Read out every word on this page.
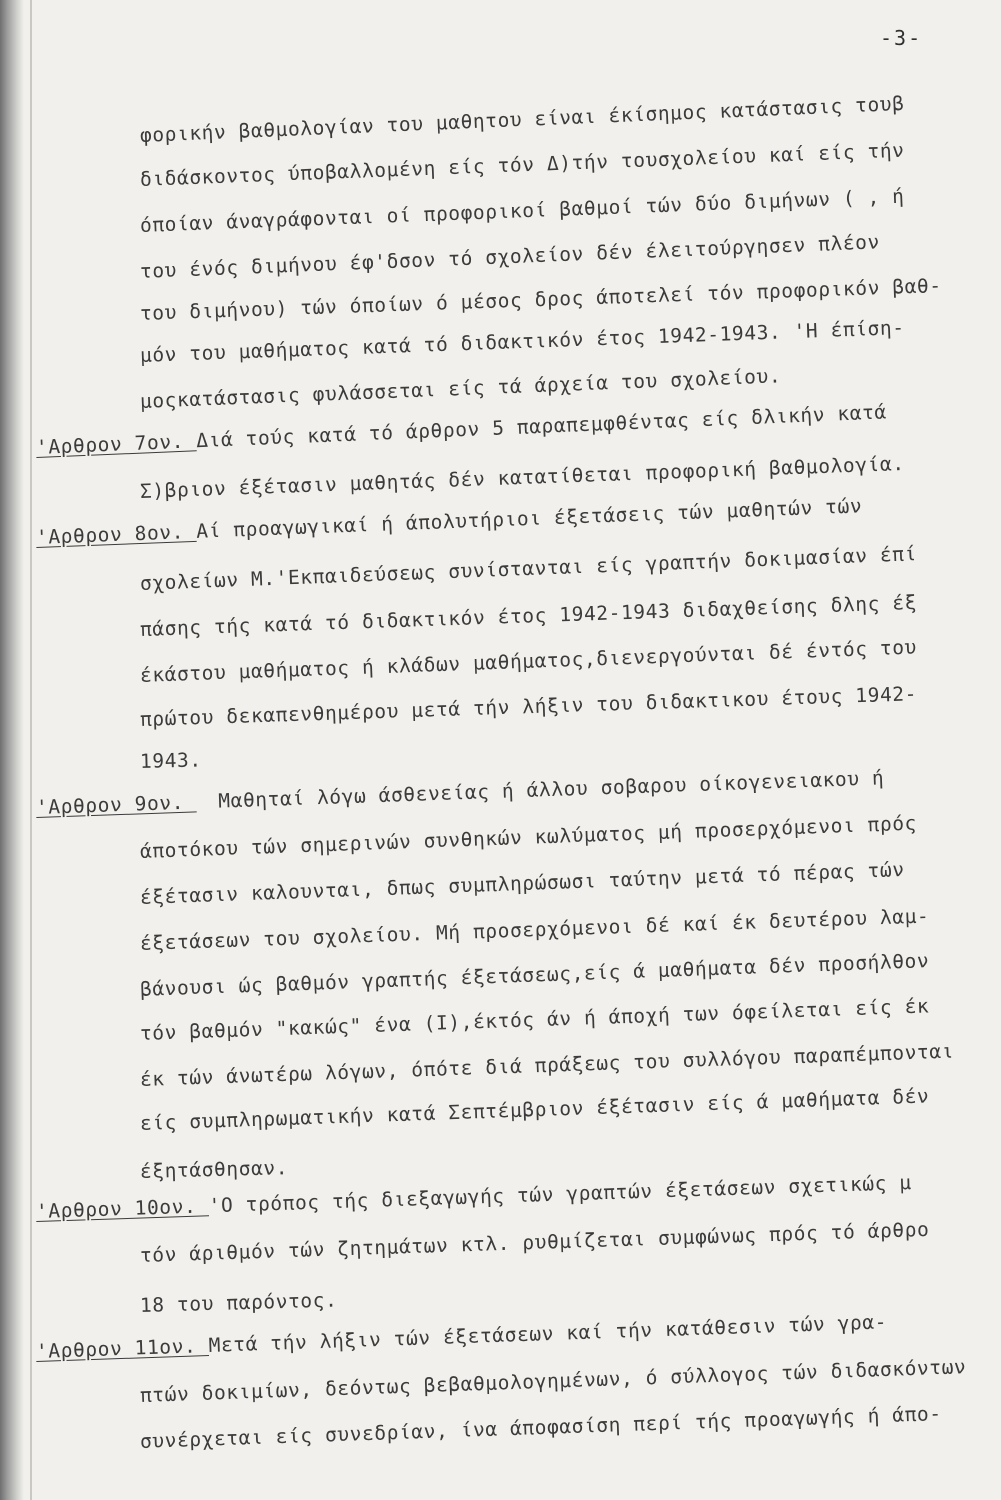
-3-
φορικήν βαθμολογίαν του μαθητου είναι έκίσημος κατάστασις τουβ
διδάσκοντος ύποβαλλομένη είς τόν Δ)τήν τουσχολείου καί είς τήν
όποίαν άναγράφονται οί προφορικοί βαθμοί τών δύο διμήνων ( , ή
του ένός διμήνου έφ'δσον τό σχολείον δέν έλειτούργησεν πλέον
του διμήνου) τών όποίων ό μέσος δρος άποτελεί τόν προφορικόν βαθ-
μόν του μαθήματος κατά τό διδακτικόν έτος 1942-1943. 'Η έπίση-
μοςκατάστασις φυλάσσεται είς τά άρχεία του σχολείου.
'Αρθρον 7ον. Διά τούς κατά τό άρθρον 5 παραπεμφθέντας είς δλικήν κατά
Σ)βριον έξέτασιν μαθητάς δέν κατατίθεται προφορική βαθμολογία.
'Αρθρον 8ον. Αί προαγωγικαί ή άπολυτήριοι έξετάσεις τών μαθητών τών
σχολείων Μ.'Εκπαιδεύσεως συνίστανται είς γραπτήν δοκιμασίαν έπί
πάσης τής κατά τό διδακτικόν έτος 1942-1943 διδαχθείσης δλης έξ
έκάστου μαθήματος ή κλάδων μαθήματος,διενεργούνται δέ έντός του
πρώτου δεκαπενθημέρου μετά τήν λήξιν του διδακτικου έτους 1942-
1943.
'Αρθρον 9ον. Μαθηταί λόγω άσθενείας ή άλλου σοβαρου οίκογενειακου ή
άποτόκου τών σημερινών συνθηκών κωλύματος μή προσερχόμενοι πρός
έξέτασιν καλουνται, δπως συμπληρώσωσι ταύτην μετά τό πέρας τών
έξετάσεων του σχολείου. Μή προσερχόμενοι δέ καί έκ δευτέρου λαμ-
βάνουσι ώς βαθμόν γραπτής έξετάσεως,είς ά μαθήματα δέν προσήλθον
τόν βαθμόν "κακώς" ένα (Ι),έκτός άν ή άποχή των όφείλεται είς έκ
έκ τών άνωτέρω λόγων, όπότε διά πράξεως του συλλόγου παραπέμπονται
είς συμπληρωματικήν κατά Σεπτέμβριον έξέτασιν είς ά μαθήματα δέν
έξητάσθησαν.
'Αρθρον 10ον. 'Ο τρόπος τής διεξαγωγής τών γραπτών έξετάσεων σχετικώς μ
τόν άριθμόν τών ζητημάτων κτλ. ρυθμίζεται συμφώνως πρός τό άρθρο
18 του παρόντος.
'Αρθρον 11ον. Μετά τήν λήξιν τών έξετάσεων καί τήν κατάθεσιν τών γρα-
πτών δοκιμίων, δεόντως βεβαθμολογημένων, ό σύλλογος τών διδασκόντων
συνέρχεται είς συνεδρίαν, ίνα άποφασίση περί τής προαγωγής ή άπο-
